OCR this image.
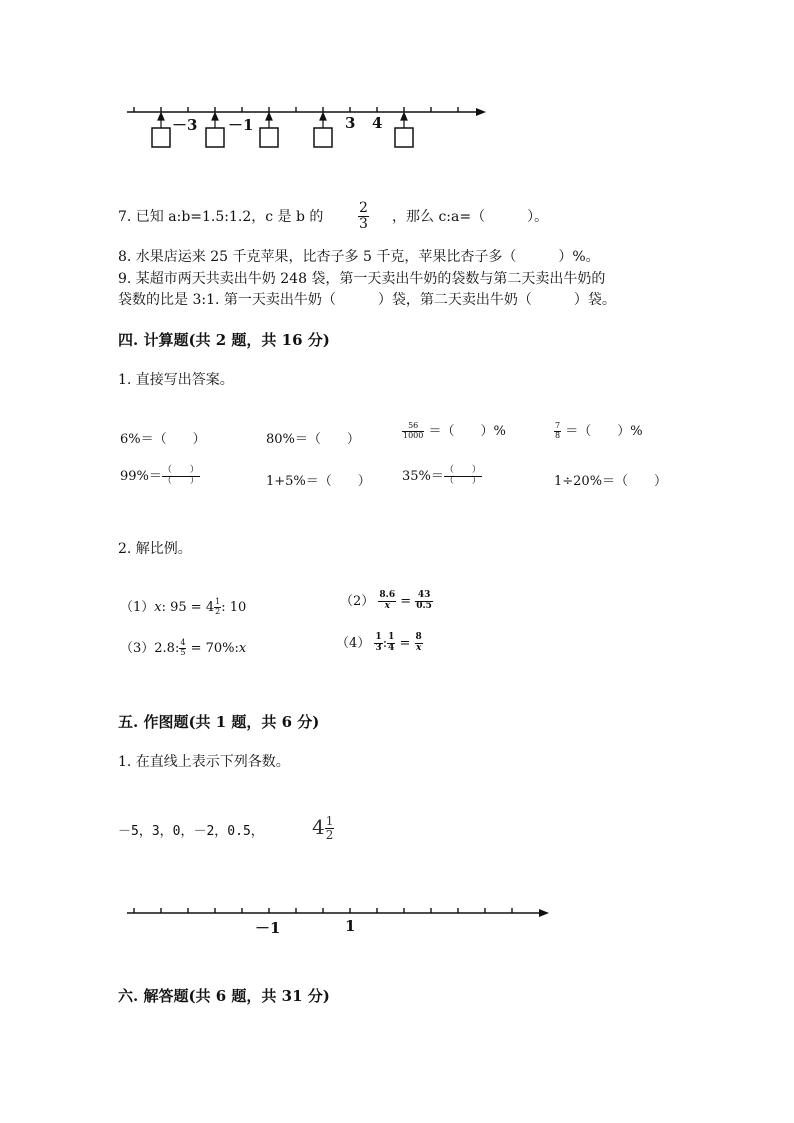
－3 －1	3 4
7. 已知 a:b=1.5:1.2，c 是 b 的 $\frac{2}{3}$ ，那么 c:a=（　　　）。
8. 水果店运来 25 千克苹果，比杏子多 5 千克，苹果比杏子多（　　　）%。
9. 某超市两天共卖出牛奶 248 袋，第一天卖出牛奶的袋数与第二天卖出牛奶的
袋数的比是 3:1. 第一天卖出牛奶（　　　）袋，第二天卖出牛奶（　　　）袋。
四. 计算题(共 2 题，共 16 分)
1. 直接写出答案。
6%＝（　　）	80%＝（　　）	$\frac{56}{1000}$ ＝（　　）%	$\frac{7}{8}$ ＝（　　）%
$99\%= \frac{( )}{( )}$	1+5%＝（　　） $35\%= \frac{( )}{( )}$	1÷20%＝（　　）
2. 解比例。
（1）x: $95 = 4 \frac{1}{2}$ : 10	$(2) \frac{8.6}{x} = \frac{43}{0.5}$
（3）2.8: $\frac{4}{5}$ = 70%:x	$(4) \frac{1}{3}$ : $\frac{1}{4} = \frac{8}{x}$
五. 作图题(共 1 题，共 6 分)
1. 在直线上表示下列各数。
－5，3，0，－2，0.5， $4 \frac{1}{2}$
－1	1
六. 解答题(共 6 题，共 31 分)
